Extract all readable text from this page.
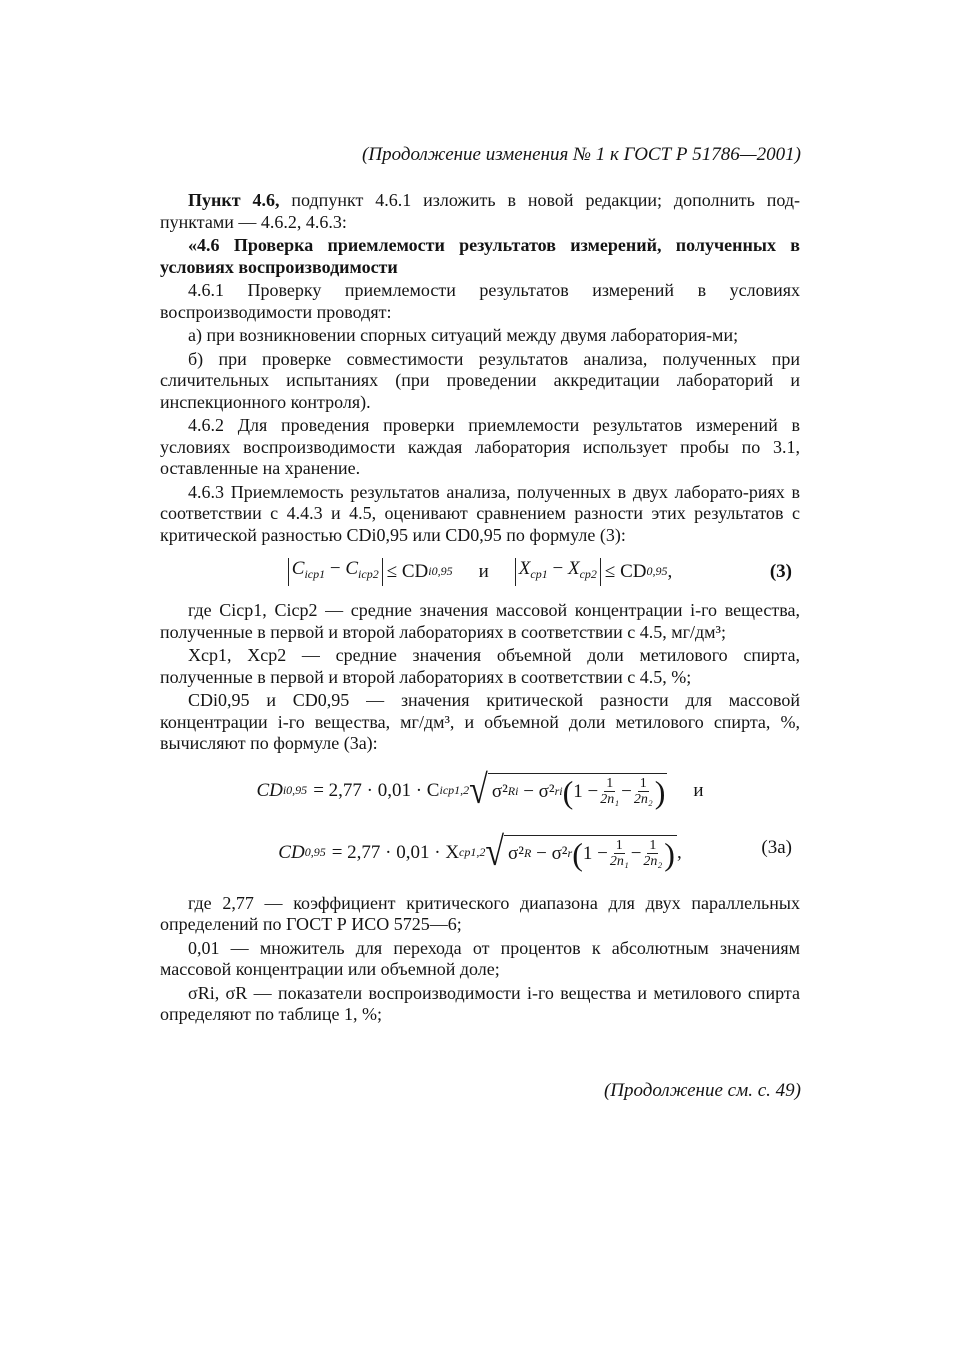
(Продолжение изменения № 1 к ГОСТ Р 51786—2001)

Пункт 4.6, подпункт 4.6.1 изложить в новой редакции; дополнить под-пунктами — 4.6.2, 4.6.3:

«4.6 Проверка приемлемости результатов измерений, полученных в условиях воспроизводимости

4.6.1 Проверку приемлемости результатов измерений в условиях воспроизводимости проводят:

а) при возникновении спорных ситуаций между двумя лаборатория-ми;

б) при проверке совместимости результатов анализа, полученных при сличительных испытаниях (при проведении аккредитации лабораторий и инспекционного контроля).

4.6.2 Для проведения проверки приемлемости результатов измерений в условиях воспроизводимости каждая лаборатория использует пробы по 3.1, оставленные на хранение.

4.6.3 Приемлемость результатов анализа, полученных в двух лаборато-риях в соответствии с 4.4.3 и 4.5, оценивают сравнением разности этих результатов с критической разностью CDi0,95 или CD0,95 по формуле (3):

$C_{icp1} - C_{icp2}$ ≤ CD i0,95 и $X_{cp1} - X_{cp2}$ ≤ CD 0,95 ,	(3)

где Cicp1, Cicp2 — средние значения массовой концентрации i-го вещества, полученные в первой и второй лабораториях в соответствии с 4.5, мг/дм³;

Xcp1, Xcp2 — средние значения объемной доли метилового спирта, полученные в первой и второй лабораториях в соответствии с 4.5, %;

CDi0,95 и CD0,95 — значения критической разности для массовой концентрации i-го вещества, мг/дм³, и объемной доли метилового спирта, %, вычисляют по формуле (3а):

CD i0,95 = 2,77 · 0,01 · C icp1,2 √ σ² Ri − σ² ri ( $1 - \frac{1}{\text{2n₁}} - \frac{1}{\text{2n₂}}$ ) и
CD 0,95 = 2,77 · 0,01 · X cp1,2 √ σ² R − σ² r ( $1 - \frac{1}{\text{2n₁}} - \frac{1}{\text{2n₂}}$ ) ,	(3а)

где 2,77 — коэффициент критического диапазона для двух параллельных определений по ГОСТ Р ИСО 5725—6;

0,01 — множитель для перехода от процентов к абсолютным значениям массовой концентрации или объемной доле;

σRi, σR — показатели воспроизводимости i-го вещества и метилового спирта определяют по таблице 1, %;

(Продолжение см. с. 49)
